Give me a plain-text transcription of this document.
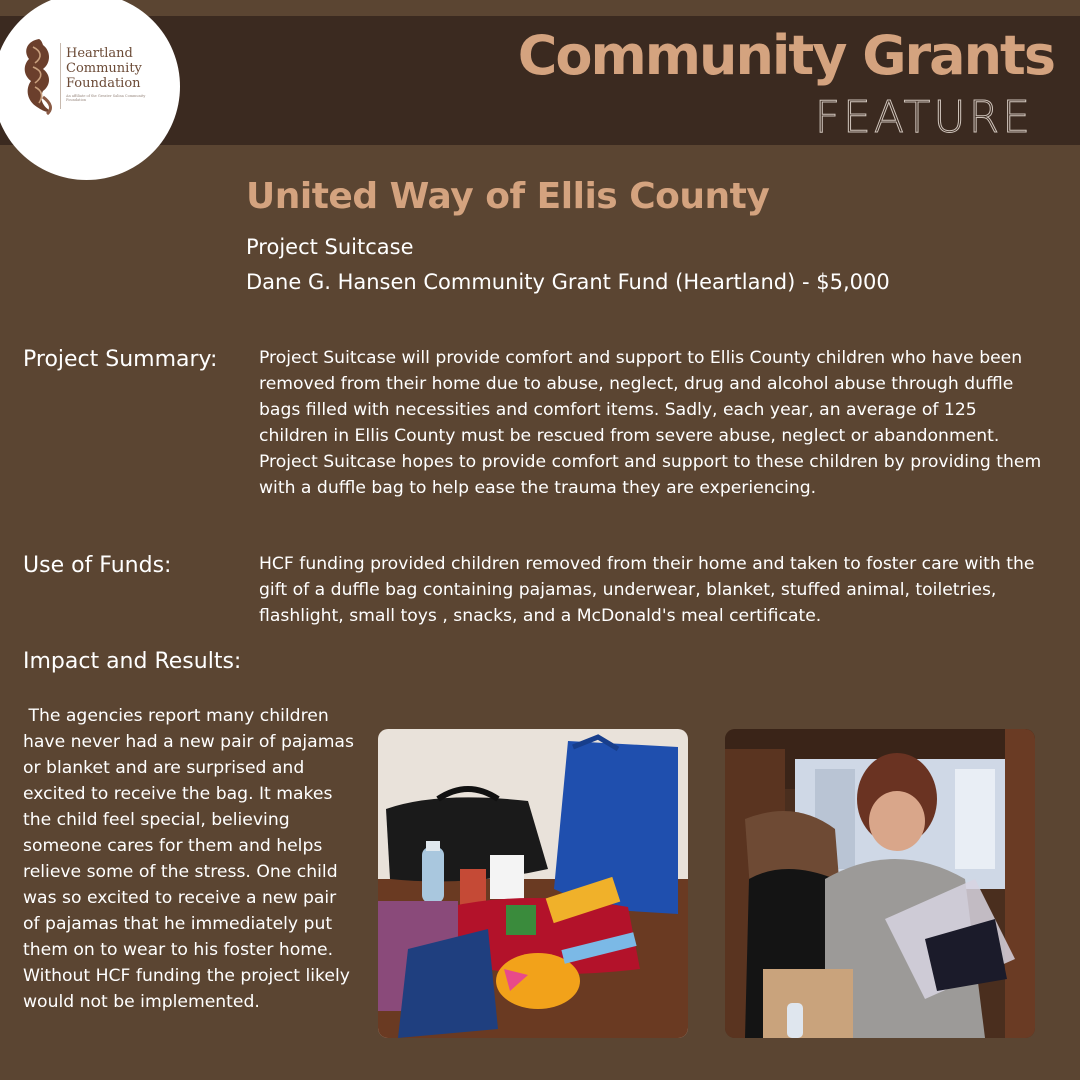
Heartland
Community
Foundation
An affiliate of the Greater Salina Community Foundation
Community Grants
FEATURE
United Way of Ellis County
Project Suitcase
Dane G. Hansen Community Grant Fund (Heartland) - $5,000
Project Summary: Project Suitcase will provide comfort and support to Ellis County children who have been removed from their home due to abuse, neglect, drug and alcohol abuse through duffle bags filled with necessities and comfort items. Sadly, each year, an average of 125 children in Ellis County must be rescued from severe abuse, neglect or abandonment. Project Suitcase hopes to provide comfort and support to these children by providing them with a duffle bag to help ease the trauma they are experiencing.
Use of Funds:	HCF funding provided children removed from their home and taken to foster care with the gift of a duffle bag containing pajamas, underwear, blanket, stuffed animal, toiletries, flashlight, small toys , snacks, and a McDonald's meal certificate.
Impact and Results:
The agencies report many children have never had a new pair of pajamas or blanket and are surprised and excited to receive the bag. It makes the child feel special, believing someone cares for them and helps relieve some of the stress. One child was so excited to receive a new pair of pajamas that he immediately put them on to wear to his foster home.  Without HCF funding the project likely would not be implemented.
